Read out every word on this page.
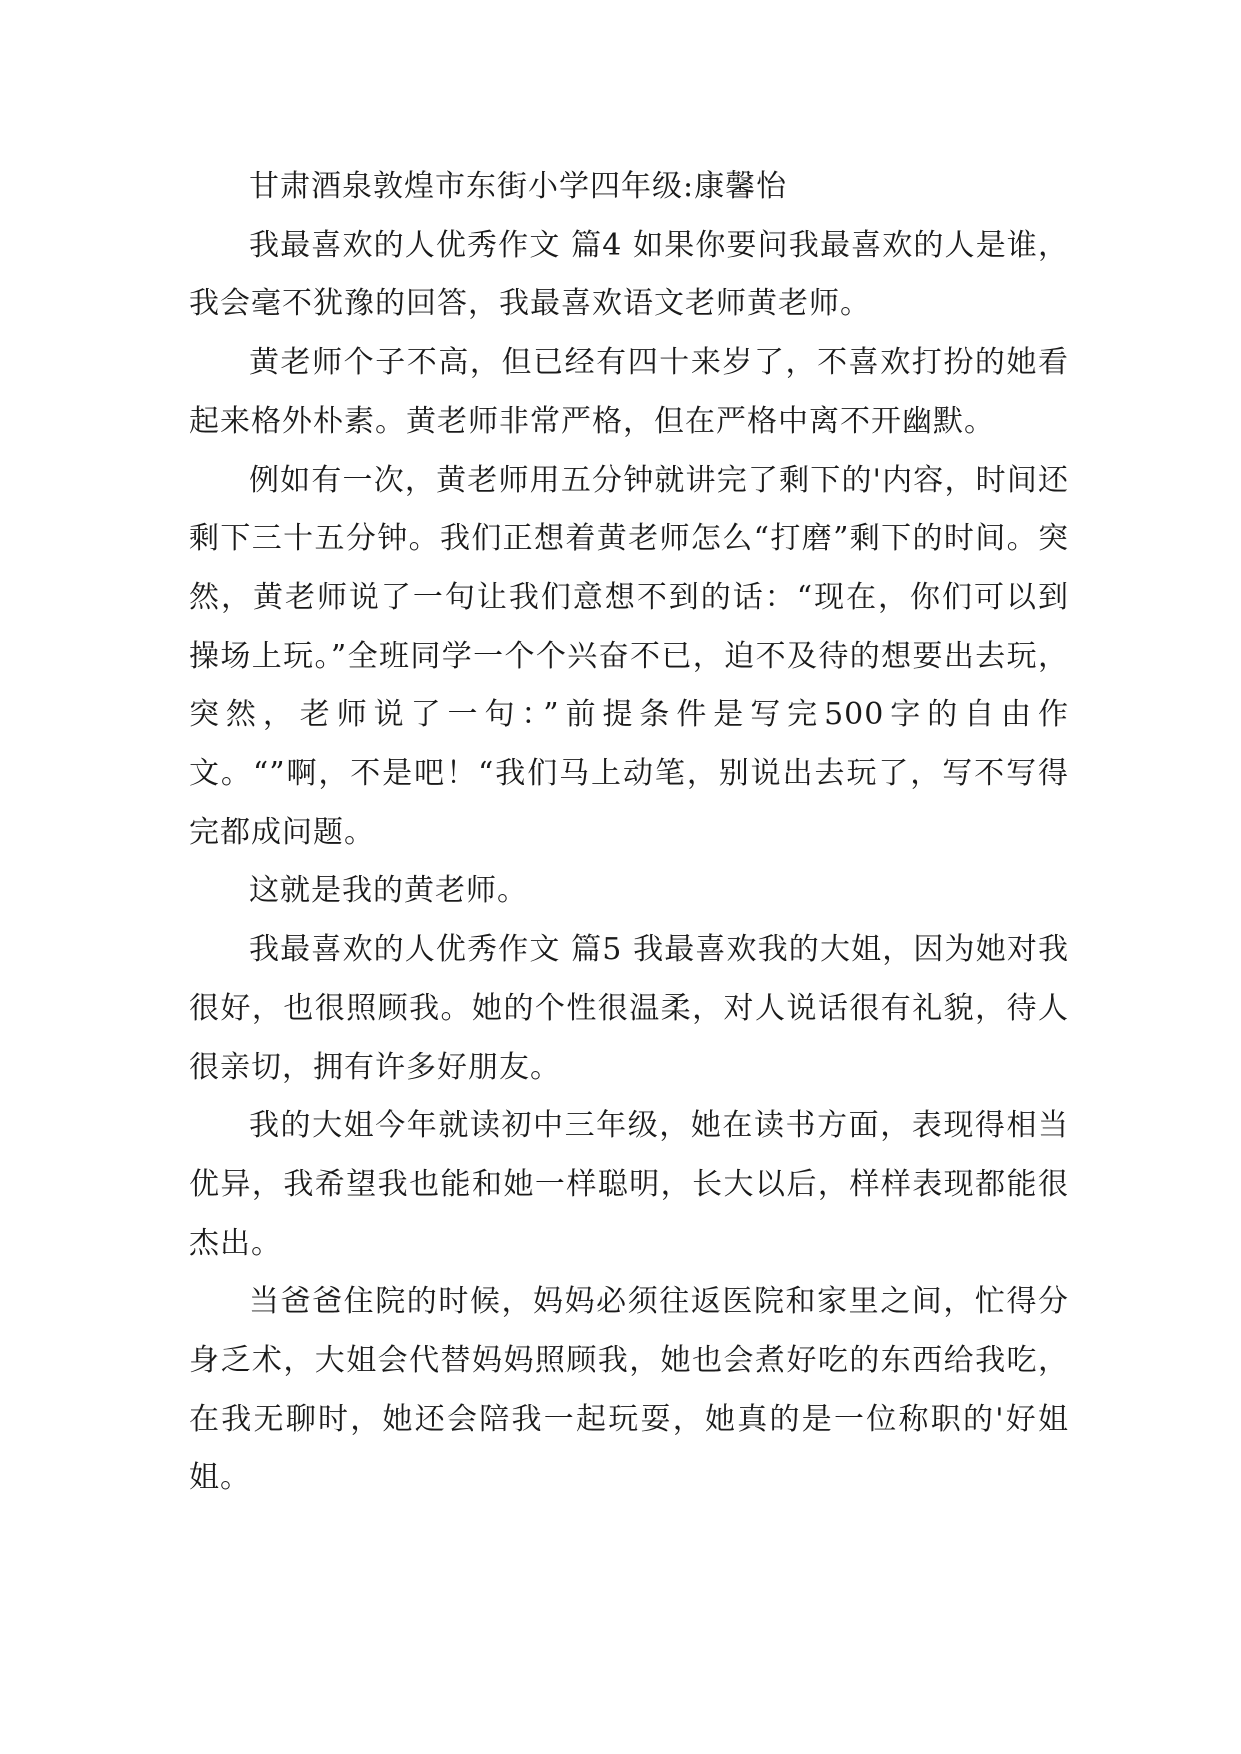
甘肃酒泉敦煌市东街小学四年级:康馨怡

我最喜欢的人优秀作文 篇4 如果你要问我最喜欢的人是谁，我会毫不犹豫的回答，我最喜欢语文老师黄老师。

黄老师个子不高，但已经有四十来岁了，不喜欢打扮的她看起来格外朴素。黄老师非常严格，但在严格中离不开幽默。

例如有一次，黄老师用五分钟就讲完了剩下的'内容，时间还剩下三十五分钟。我们正想着黄老师怎么“打磨”剩下的时间。突然，黄老师说了一句让我们意想不到的话：“现在，你们可以到操场上玩。”全班同学一个个兴奋不已，迫不及待的想要出去玩，突然，老师说了一句：”前提条件是写完500字的自由作文。“”啊，不是吧！“我们马上动笔，别说出去玩了，写不写得完都成问题。

这就是我的黄老师。

我最喜欢的人优秀作文 篇5 我最喜欢我的大姐，因为她对我很好，也很照顾我。她的个性很温柔，对人说话很有礼貌，待人很亲切，拥有许多好朋友。

我的大姐今年就读初中三年级，她在读书方面，表现得相当优异，我希望我也能和她一样聪明，长大以后，样样表现都能很杰出。

当爸爸住院的时候，妈妈必须往返医院和家里之间，忙得分身乏术，大姐会代替妈妈照顾我，她也会煮好吃的东西给我吃，在我无聊时，她还会陪我一起玩耍，她真的是一位称职的'好姐姐。
